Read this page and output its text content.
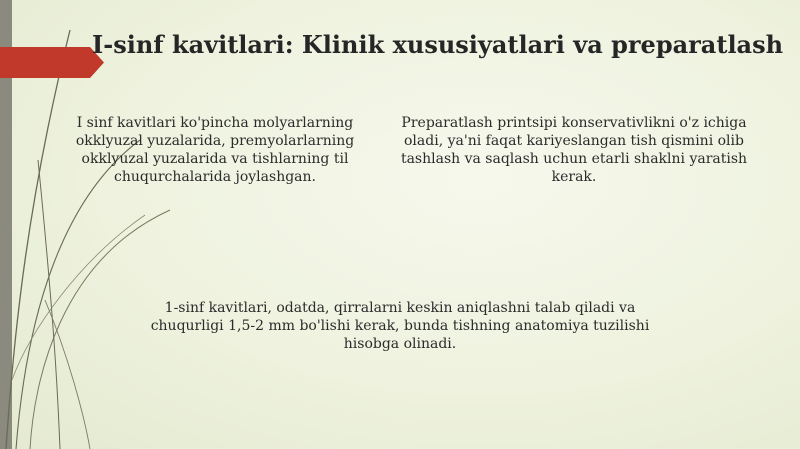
I-sinf kavitlari: Klinik xususiyatlari va preparatlash

I sinf kavitlari ko'pincha molyarlarning okklyuzal yuzalarida, premyolarlarning okklyuzal yuzalarida va tishlarning til chuqurchalarida joylashgan.

Preparatlash printsipi konservativlikni o'z ichiga oladi, ya'ni faqat kariyeslangan tish qismini olib tashlash va saqlash uchun etarli shaklni yaratish kerak.

1-sinf kavitlari, odatda, qirralarni keskin aniqlashni talab qiladi va chuqurligi 1,5-2 mm bo'lishi kerak, bunda tishning anatomiya tuzilishi hisobga olinadi.
